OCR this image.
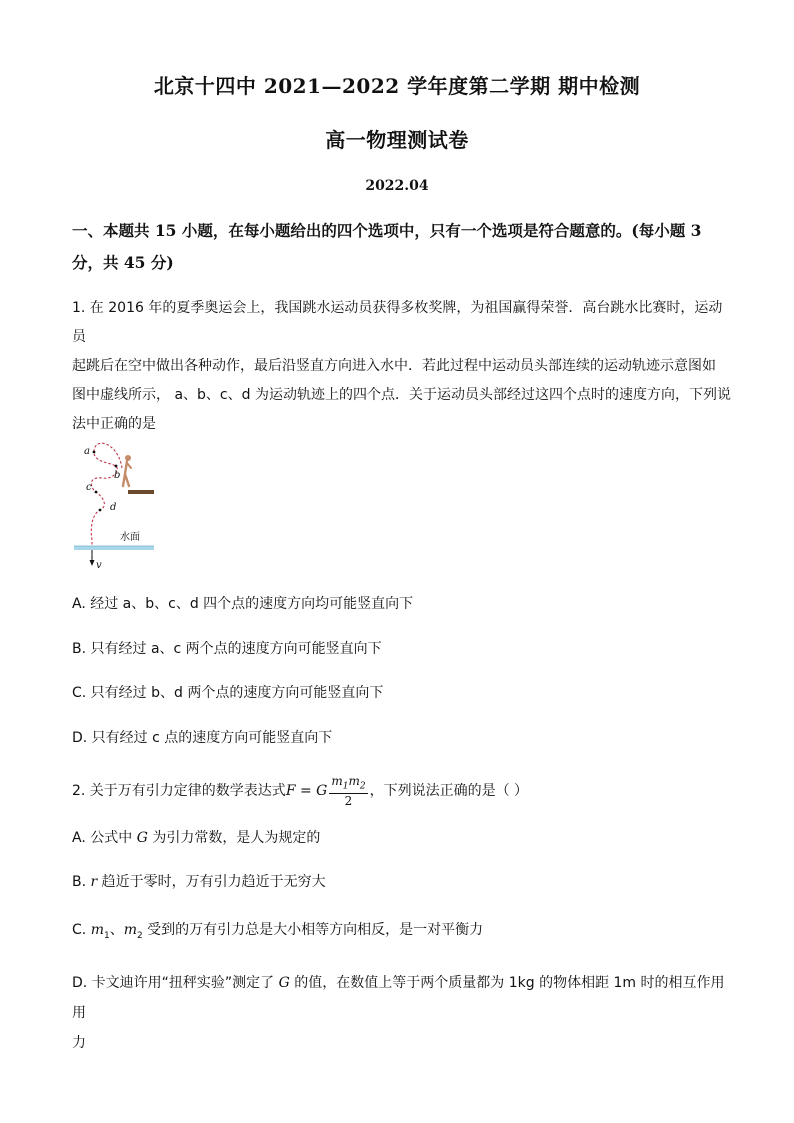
北京十四中 2021—2022 学年度第二学期 期中检测
高一物理测试卷
2022.04
一、本题共 15 小题，在每小题给出的四个选项中，只有一个选项是符合题意的。(每小题 3
分，共 45 分)
1. 在 2016 年的夏季奥运会上，我国跳水运动员获得多枚奖牌，为祖国赢得荣誉．高台跳水比赛时，运动员
起跳后在空中做出各种动作，最后沿竖直方向进入水中．若此过程中运动员头部连续的运动轨迹示意图如
图中虚线所示， a、b、c、d 为运动轨迹上的四个点．关于运动员头部经过这四个点时的速度方向，下列说
法中正确的是
a
b
c
d
水面
v
A. 经过 a、b、c、d 四个点的速度方向均可能竖直向下
B. 只有经过 a、c 两个点的速度方向可能竖直向下
C. 只有经过 b、d 两个点的速度方向可能竖直向下
D. 只有经过 c 点的速度方向可能竖直向下
2. 关于万有引力定律的数学表达式F = G $\frac{m_1m_2}{2}$ ，下列说法正确的是（ ）
A. 公式中 G 为引力常数，是人为规定的
B. r 趋近于零时，万有引力趋近于无穷大
C. $m_1$、$m_2$ 受到的万有引力总是大小相等方向相反，是一对平衡力
D. 卡文迪许用“扭秤实验”测定了 G 的值，在数值上等于两个质量都为 1kg 的物体相距 1m 时的相互作用用
力
